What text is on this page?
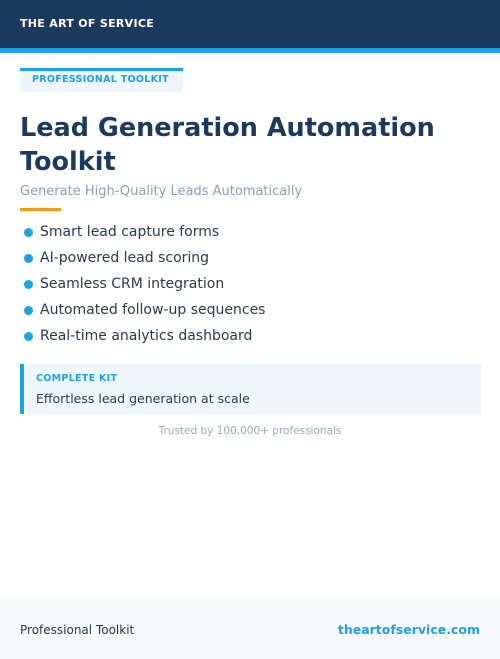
THE ART OF SERVICE
PROFESSIONAL TOOLKIT
Lead Generation Automation Toolkit
Generate High-Quality Leads Automatically
Smart lead capture forms
AI-powered lead scoring
Seamless CRM integration
Automated follow-up sequences
Real-time analytics dashboard
COMPLETE KIT
Effortless lead generation at scale
Trusted by 100,000+ professionals
Professional Toolkit	theartofservice.com
